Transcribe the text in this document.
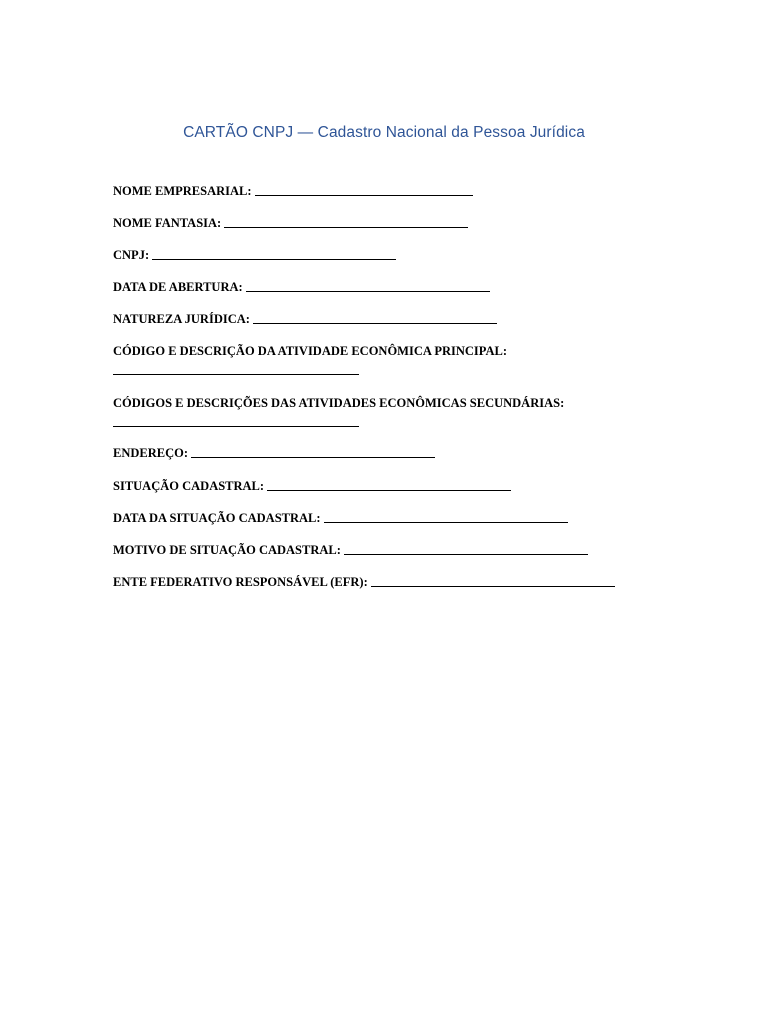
CARTÃO CNPJ — Cadastro Nacional da Pessoa Jurídica
NOME EMPRESARIAL:
NOME FANTASIA:
CNPJ:
DATA DE ABERTURA:
NATUREZA JURÍDICA:
CÓDIGO E DESCRIÇÃO DA ATIVIDADE ECONÔMICA PRINCIPAL:
CÓDIGOS E DESCRIÇÕES DAS ATIVIDADES ECONÔMICAS SECUNDÁRIAS:
ENDEREÇO:
SITUAÇÃO CADASTRAL:
DATA DA SITUAÇÃO CADASTRAL:
MOTIVO DE SITUAÇÃO CADASTRAL:
ENTE FEDERATIVO RESPONSÁVEL (EFR):
